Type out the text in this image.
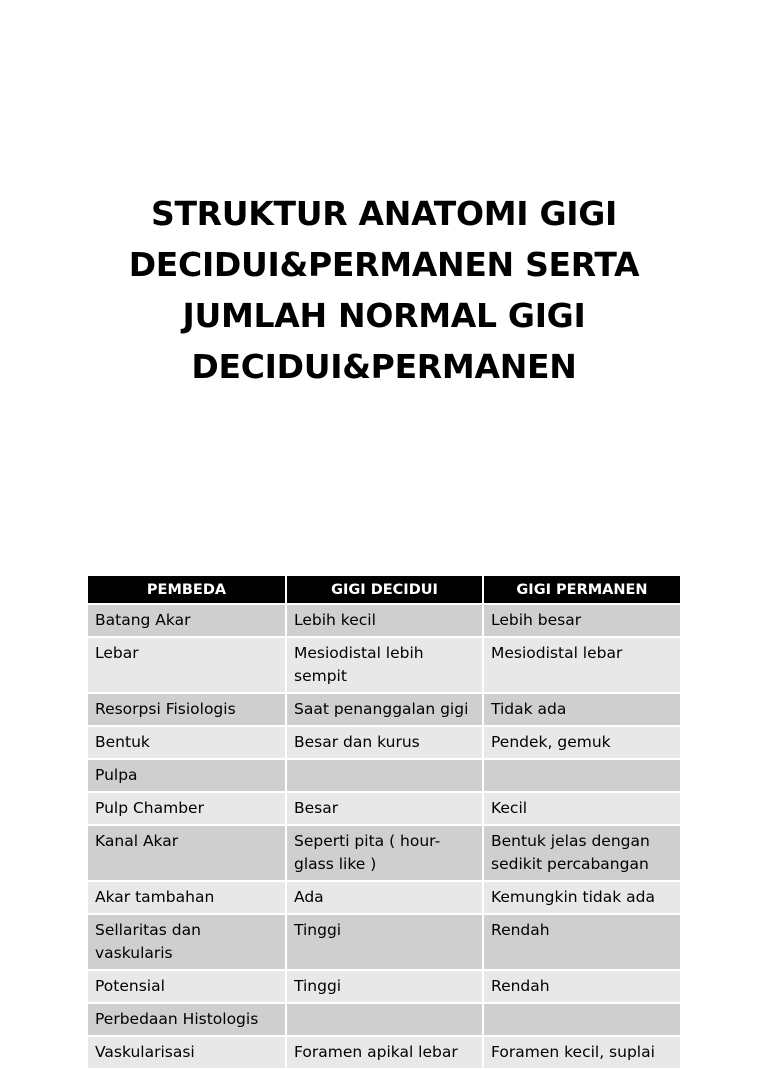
STRUKTUR ANATOMI GIGI
DECIDUI&PERMANEN SERTA
JUMLAH NORMAL GIGI
DECIDUI&PERMANEN
PEMBEDA	GIGI DECIDUI	GIGI PERMANEN
Batang Akar	Lebih kecil	Lebih besar
Lebar	Mesiodistal lebih sempit	Mesiodistal lebar
Resorpsi Fisiologis	Saat penanggalan gigi	Tidak ada
Bentuk	Besar dan kurus	Pendek, gemuk
Pulpa		
Pulp Chamber	Besar	Kecil
Kanal Akar	Seperti pita ( hour-glass like )	Bentuk jelas dengan sedikit percabangan
Akar tambahan	Ada	Kemungkin tidak ada
Sellaritas dan vaskularis	Tinggi	Rendah
Potensial	Tinggi	Rendah
Perbedaan Histologis		
Vaskularisasi	Foramen apikal lebar	Foramen kecil, suplai
